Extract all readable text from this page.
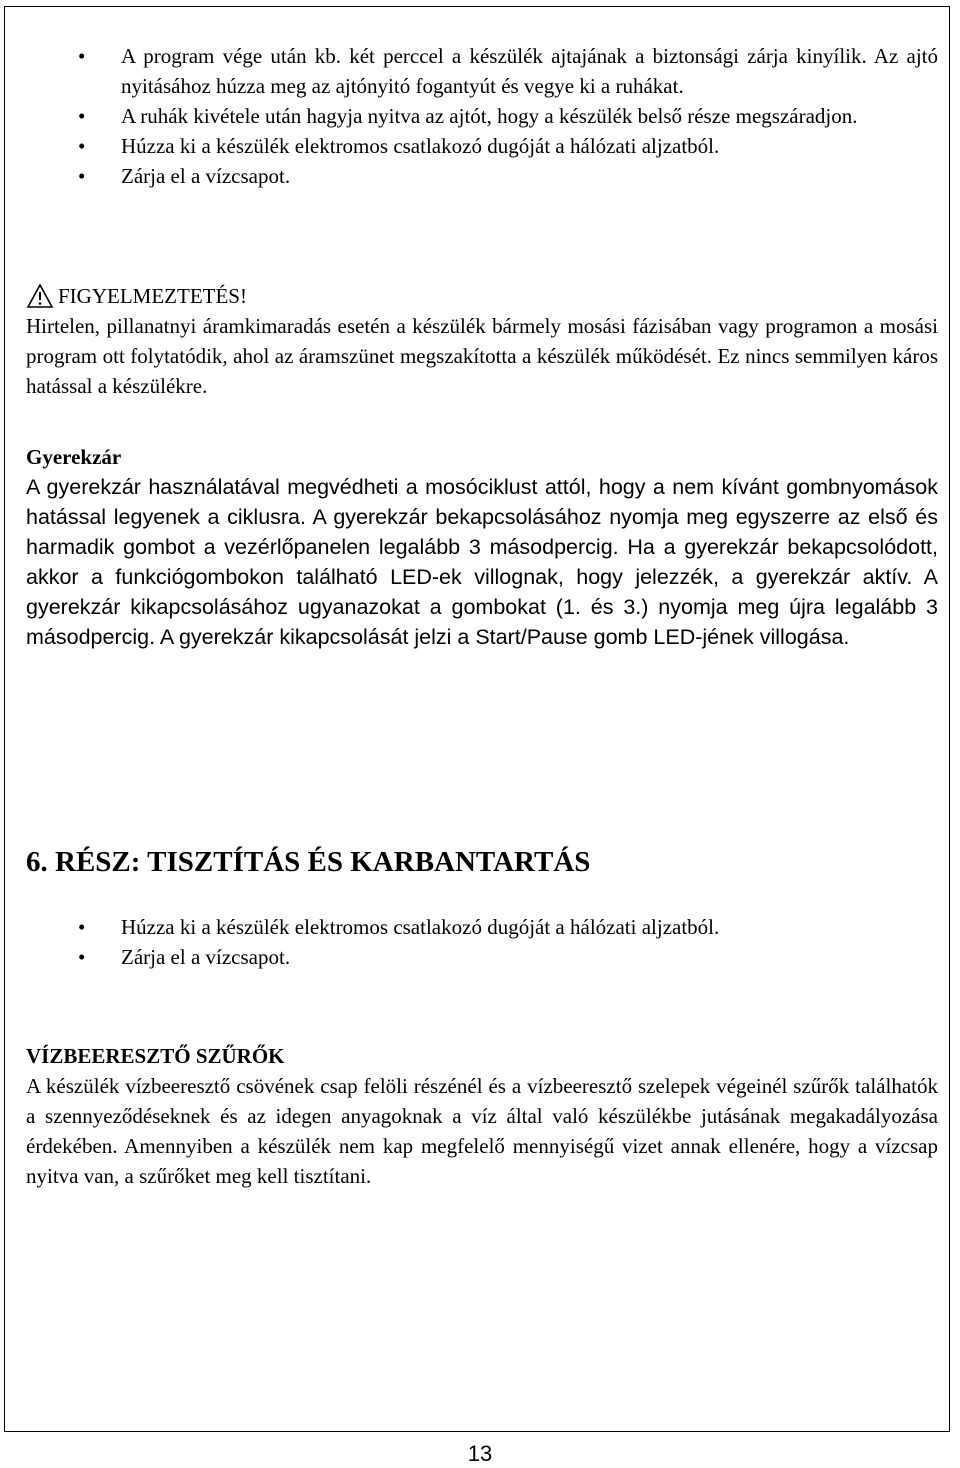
• A program vége után kb. két perccel a készülék ajtajának a biztonsági zárja kinyílik. Az ajtó nyitásához húzza meg az ajtónyitó fogantyút és vegye ki a ruhákat.
• A ruhák kivétele után hagyja nyitva az ajtót, hogy a készülék belső része megszáradjon.
• Húzza ki a készülék elektromos csatlakozó dugóját a hálózati aljzatból.
• Zárja el a vízcsapot.
FIGYELMEZTETÉS!
Hirtelen, pillanatnyi áramkimaradás esetén a készülék bármely mosási fázisában vagy programon a mosási program ott folytatódik, ahol az áramszünet megszakította a készülék működését. Ez nincs semmilyen káros hatással a készülékre.
Gyerekzár
A gyerekzár használatával megvédheti a mosóciklust attól, hogy a nem kívánt gombnyomások hatással legyenek a ciklusra. A gyerekzár bekapcsolásához nyomja meg egyszerre az első és harmadik gombot a vezérlőpanelen legalább 3 másodpercig. Ha a gyerekzár bekapcsolódott, akkor a funkciógombokon található LED-ek villognak, hogy jelezzék, a gyerekzár aktív. A gyerekzár kikapcsolásához ugyanazokat a gombokat (1. és 3.) nyomja meg újra legalább 3 másodpercig. A gyerekzár kikapcsolását jelzi a Start/Pause gomb LED-jének villogása.
6. RÉSZ: TISZTÍTÁS ÉS KARBANTARTÁS
• Húzza ki a készülék elektromos csatlakozó dugóját a hálózati aljzatból.
• Zárja el a vízcsapot.
VÍZBEERESZTŐ SZŰRŐK
A készülék vízbeeresztő csövének csap felöli részénél és a vízbeeresztő szelepek végeinél szűrők találhatók a szennyeződéseknek és az idegen anyagoknak a víz által való készülékbe jutásának megakadályozása érdekében. Amennyiben a készülék nem kap megfelelő mennyiségű vizet annak ellenére, hogy a vízcsap nyitva van, a szűrőket meg kell tisztítani.
13
